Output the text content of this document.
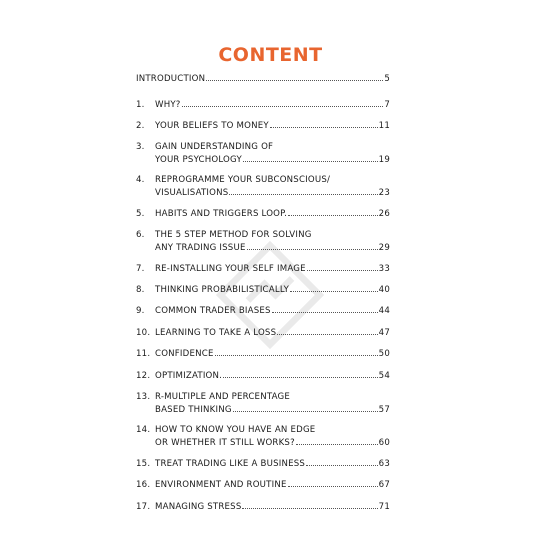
CONTENT
INTRODUCTION	5
1.	WHY?	7
2.	YOUR BELIEFS TO MONEY	11
3.	GAIN UNDERSTANDING OF
YOUR PSYCHOLOGY	19
4.	REPROGRAMME YOUR SUBCONSCIOUS/
VISUALISATIONS	23
5.	HABITS AND TRIGGERS LOOP.	26
6.	THE 5 STEP METHOD FOR SOLVING
ANY TRADING ISSUE	29
7.	RE-INSTALLING YOUR SELF IMAGE	33
8.	THINKING PROBABILISTICALLY	40
9.	COMMON TRADER BIASES	44
10. LEARNING TO TAKE A LOSS	47
11. CONFIDENCE	50
12. OPTIMIZATION.	54
13. R-MULTIPLE AND PERCENTAGE
BASED THINKING	57
14. HOW TO KNOW YOU HAVE AN EDGE
OR WHETHER IT STILL WORKS?	60
15. TREAT TRADING LIKE A BUSINESS	63
16. ENVIRONMENT AND ROUTINE	67
17. MANAGING STRESS	71
